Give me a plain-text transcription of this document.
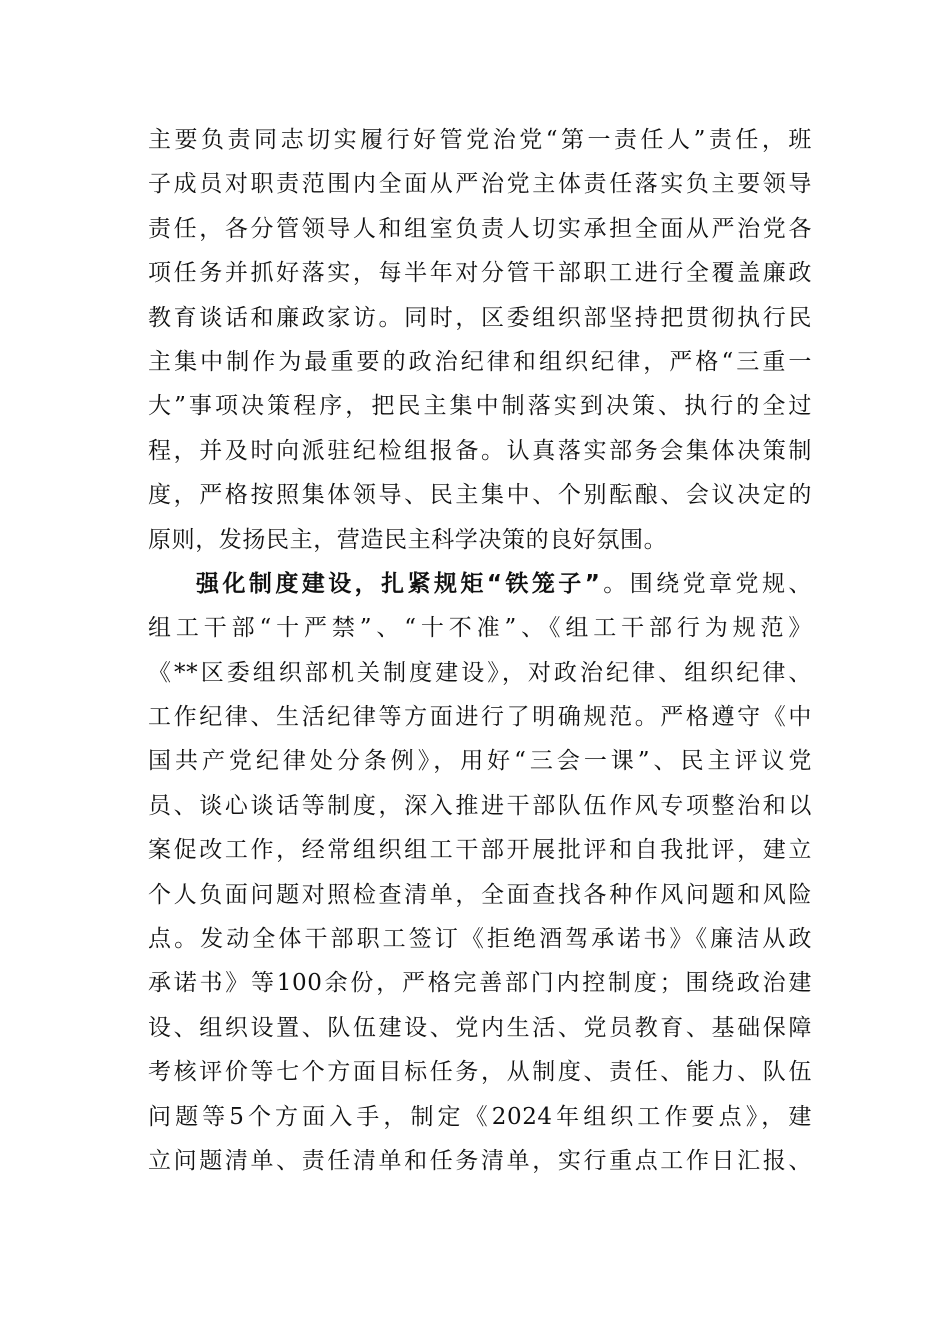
主要负责同志切实履行好管党治党“第一责任人”责任，班
子成员对职责范围内全面从严治党主体责任落实负主要领导
责任，各分管领导人和组室负责人切实承担全面从严治党各
项任务并抓好落实，每半年对分管干部职工进行全覆盖廉政
教育谈话和廉政家访。同时，区委组织部坚持把贯彻执行民
主集中制作为最重要的政治纪律和组织纪律，严格“三重一
大”事项决策程序，把民主集中制落实到决策、执行的全过
程，并及时向派驻纪检组报备。认真落实部务会集体决策制
度，严格按照集体领导、民主集中、个别酝酿、会议决定的
原则，发扬民主，营造民主科学决策的良好氛围。
强化制度建设，扎紧规矩“铁笼子”。围绕党章党规、
组工干部“十严禁”、“十不准”、《组工干部行为规范》
《**区委组织部机关制度建设》，对政治纪律、组织纪律、
工作纪律、生活纪律等方面进行了明确规范。严格遵守《中
国共产党纪律处分条例》，用好“三会一课”、民主评议党
员、谈心谈话等制度，深入推进干部队伍作风专项整治和以
案促改工作，经常组织组工干部开展批评和自我批评，建立
个人负面问题对照检查清单，全面查找各种作风问题和风险
点。发动全体干部职工签订《拒绝酒驾承诺书》《廉洁从政
承诺书》等100余份，严格完善部门内控制度；围绕政治建
设、组织设置、队伍建设、党内生活、党员教育、基础保障
考核评价等七个方面目标任务，从制度、责任、能力、队伍
问题等5个方面入手，制定《2024年组织工作要点》，建
立问题清单、责任清单和任务清单，实行重点工作日汇报、
